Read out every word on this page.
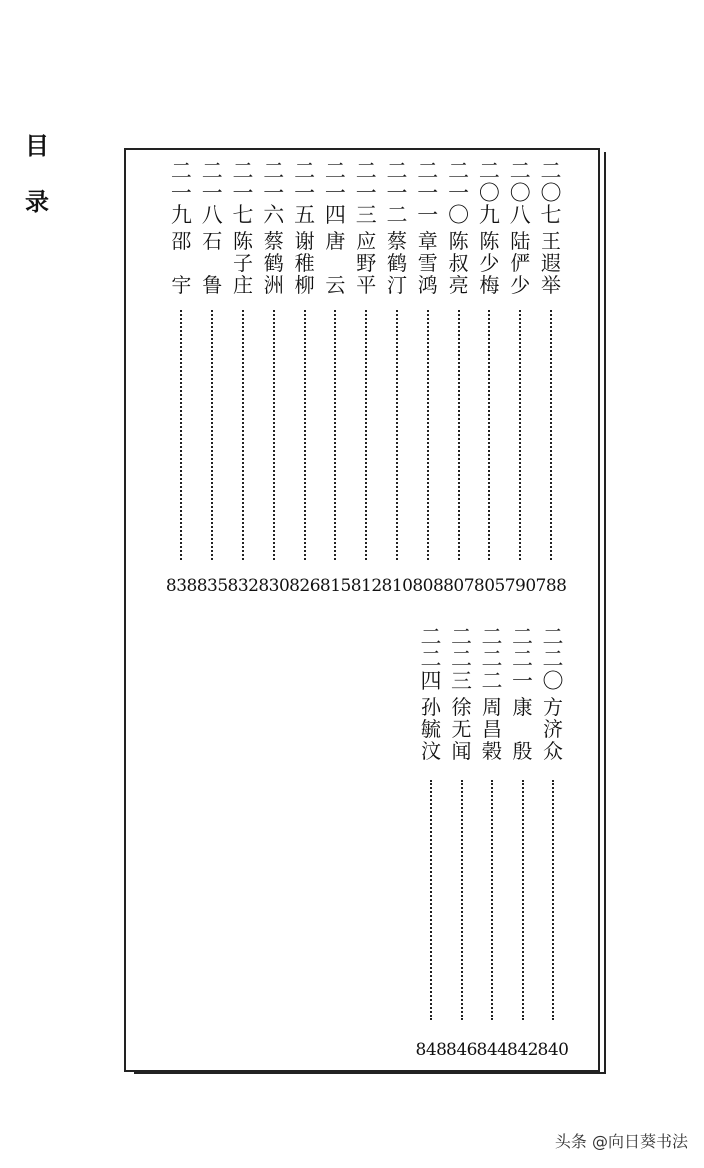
目
录
二
〇
七
王
遐
举
788
二
〇
八
陆
俨
少
790
二
〇
九
陈
少
梅
805
二
一
〇
陈
叔
亮
807
二
一
一
章
雪
鸿
808
二
一
二
蔡
鹤
汀
810
二
一
三
应
野
平
812
二
一
四
唐

云
815
二
一
五
谢
稚
柳
826
二
一
六
蔡
鹤
洲
830
二
一
七
陈
子
庄
832
二
一
八
石

鲁
835
二
一
九
邵

宇
838
二
二
〇
方
济
众
840
二
二
一
康

殷
842
二
二
二
周
昌
榖
844
二
二
三
徐
无
闻
846
二
二
四
孙
毓
汶
848
头条 @向日葵书法
